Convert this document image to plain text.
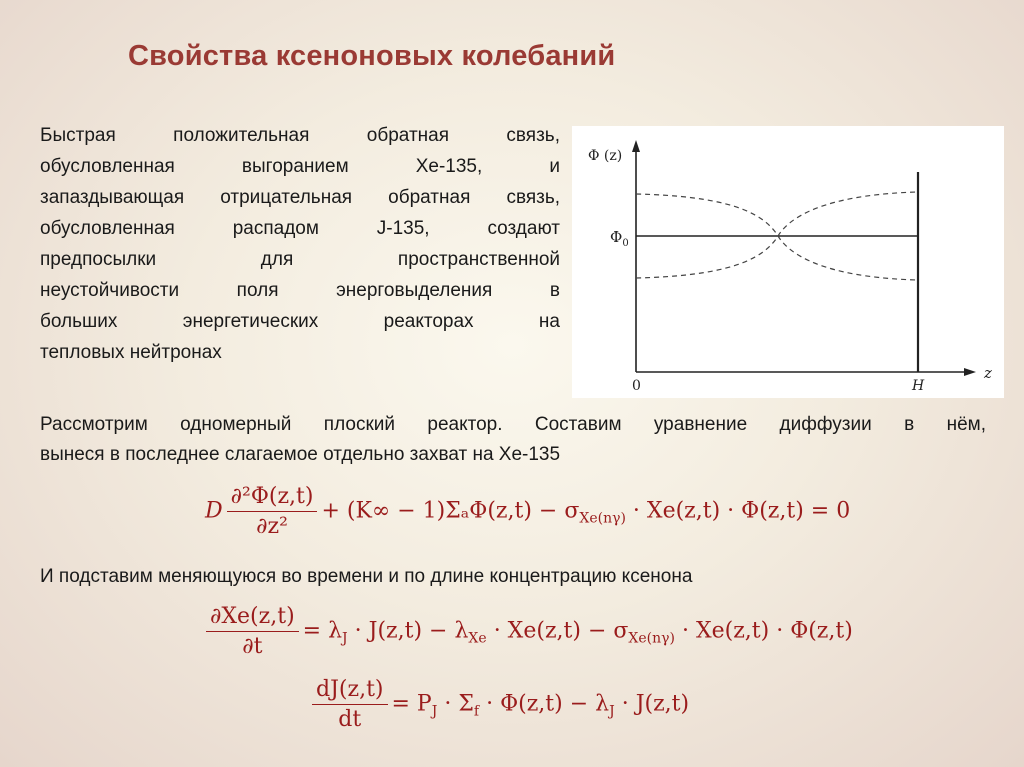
Свойства ксеноновых колебаний
Быстрая положительная обратная связь,
обусловленная выгоранием Xe-135, и
запаздывающая отрицательная обратная связь,
обусловленная распадом J-135, создают
предпосылки для пространственной
неустойчивости поля энерговыделения в
больших энергетических реакторах на
тепловых нейтронах
Φ (z)
$\Phi_0$
0	H
z
Рассмотрим одномерный плоский реактор. Составим уравнение диффузии в нём,
вынеся в последнее слагаемое отдельно захват на Xe-135
D $\frac{\text{∂²Φ(z,t)}}{\text{∂z²}} + (K\infty - 1)\Sigma_a\Phi(z,t) - \sigma_{Xe(n\gamma)} \cdot Xe(z,t) \cdot \Phi(z,t) = 0$
И подставим меняющуюся во времени и по длине концентрацию ксенона
$\frac{\partial Xe(z,t)}{\partial t} = \lambda_J \cdot J(z,t) - \lambda_{Xe} \cdot Xe(z,t) - \sigma_{Xe(n\gamma)} \cdot Xe(z,t) \cdot \Phi(z,t)$
$\frac{dJ(z,t)}{dt} = P_J \cdot \Sigma_f \cdot \Phi(z,t) - \lambda_J \cdot J(z,t)$
